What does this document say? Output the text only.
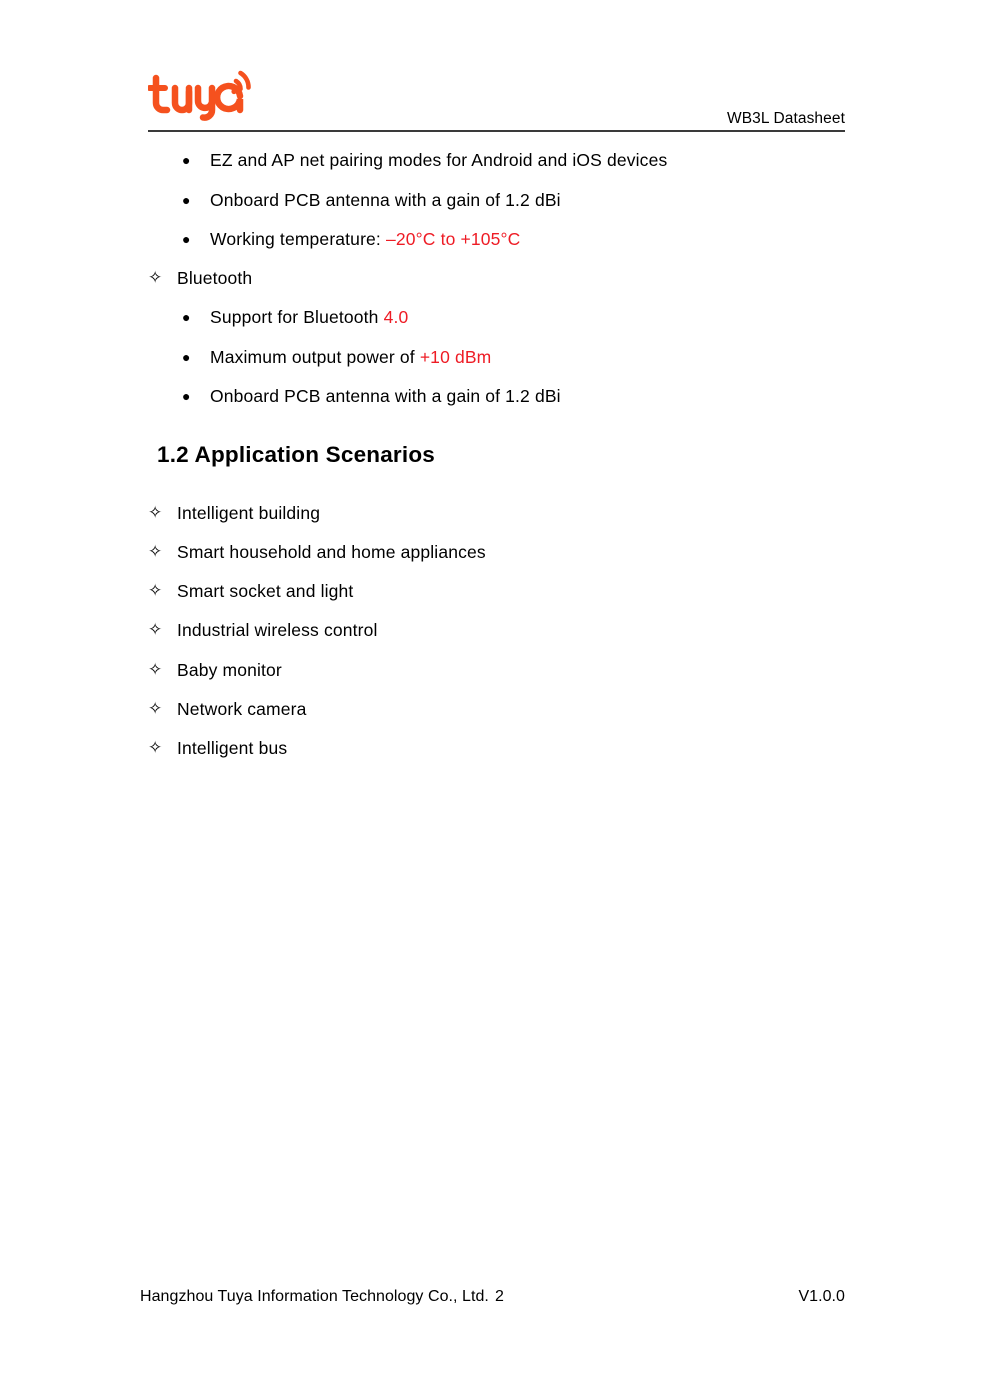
WB3L Datasheet
●	EZ and AP net pairing modes for Android and iOS devices
●	Onboard PCB antenna with a gain of 1.2 dBi
●	Working temperature: –20°C to +105°C
✧ Bluetooth
●	Support for Bluetooth 4.0
●	Maximum output power of +10 dBm
●	Onboard PCB antenna with a gain of 1.2 dBi
1.2 Application Scenarios
✧ Intelligent building
✧ Smart household and home appliances
✧ Smart socket and light
✧ Industrial wireless control
✧ Baby monitor
✧ Network camera
✧ Intelligent bus
Hangzhou Tuya Information Technology Co., Ltd. 2	V1.0.0
